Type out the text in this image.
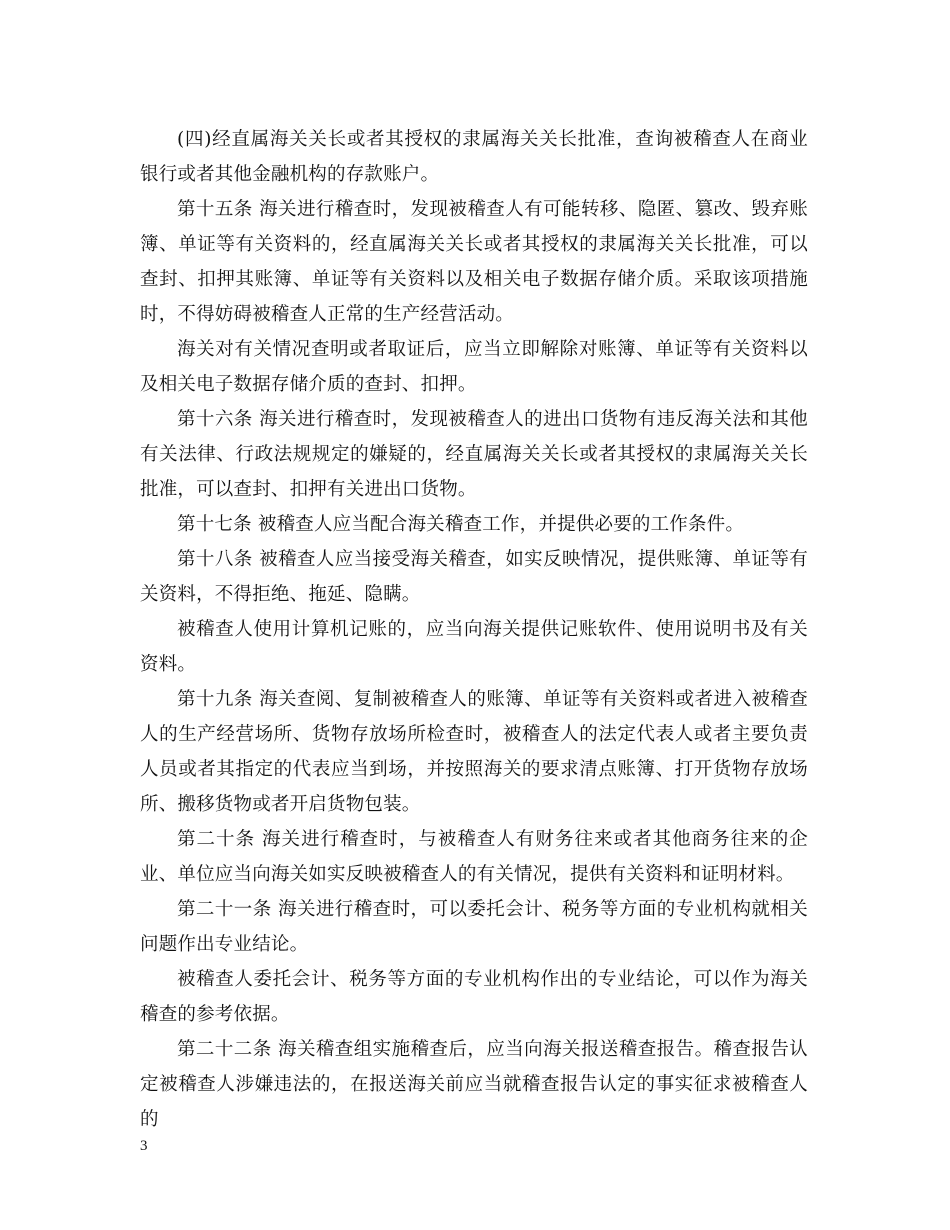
(四)经直属海关关长或者其授权的隶属海关关长批准，查询被稽查人在商业银行或者其他金融机构的存款账户。

第十五条 海关进行稽查时，发现被稽查人有可能转移、隐匿、篡改、毁弃账簿、单证等有关资料的，经直属海关关长或者其授权的隶属海关关长批准，可以查封、扣押其账簿、单证等有关资料以及相关电子数据存储介质。采取该项措施时，不得妨碍被稽查人正常的生产经营活动。

海关对有关情况查明或者取证后，应当立即解除对账簿、单证等有关资料以及相关电子数据存储介质的查封、扣押。

第十六条 海关进行稽查时，发现被稽查人的进出口货物有违反海关法和其他有关法律、行政法规规定的嫌疑的，经直属海关关长或者其授权的隶属海关关长批准，可以查封、扣押有关进出口货物。

第十七条 被稽查人应当配合海关稽查工作，并提供必要的工作条件。

第十八条 被稽查人应当接受海关稽查，如实反映情况，提供账簿、单证等有关资料，不得拒绝、拖延、隐瞒。

被稽查人使用计算机记账的，应当向海关提供记账软件、使用说明书及有关资料。

第十九条 海关查阅、复制被稽查人的账簿、单证等有关资料或者进入被稽查人的生产经营场所、货物存放场所检查时，被稽查人的法定代表人或者主要负责人员或者其指定的代表应当到场，并按照海关的要求清点账簿、打开货物存放场所、搬移货物或者开启货物包装。

第二十条 海关进行稽查时，与被稽查人有财务往来或者其他商务往来的企业、单位应当向海关如实反映被稽查人的有关情况，提供有关资料和证明材料。

第二十一条 海关进行稽查时，可以委托会计、税务等方面的专业机构就相关问题作出专业结论。

被稽查人委托会计、税务等方面的专业机构作出的专业结论，可以作为海关稽查的参考依据。

第二十二条 海关稽查组实施稽查后，应当向海关报送稽查报告。稽查报告认定被稽查人涉嫌违法的，在报送海关前应当就稽查报告认定的事实征求被稽查人的

3
